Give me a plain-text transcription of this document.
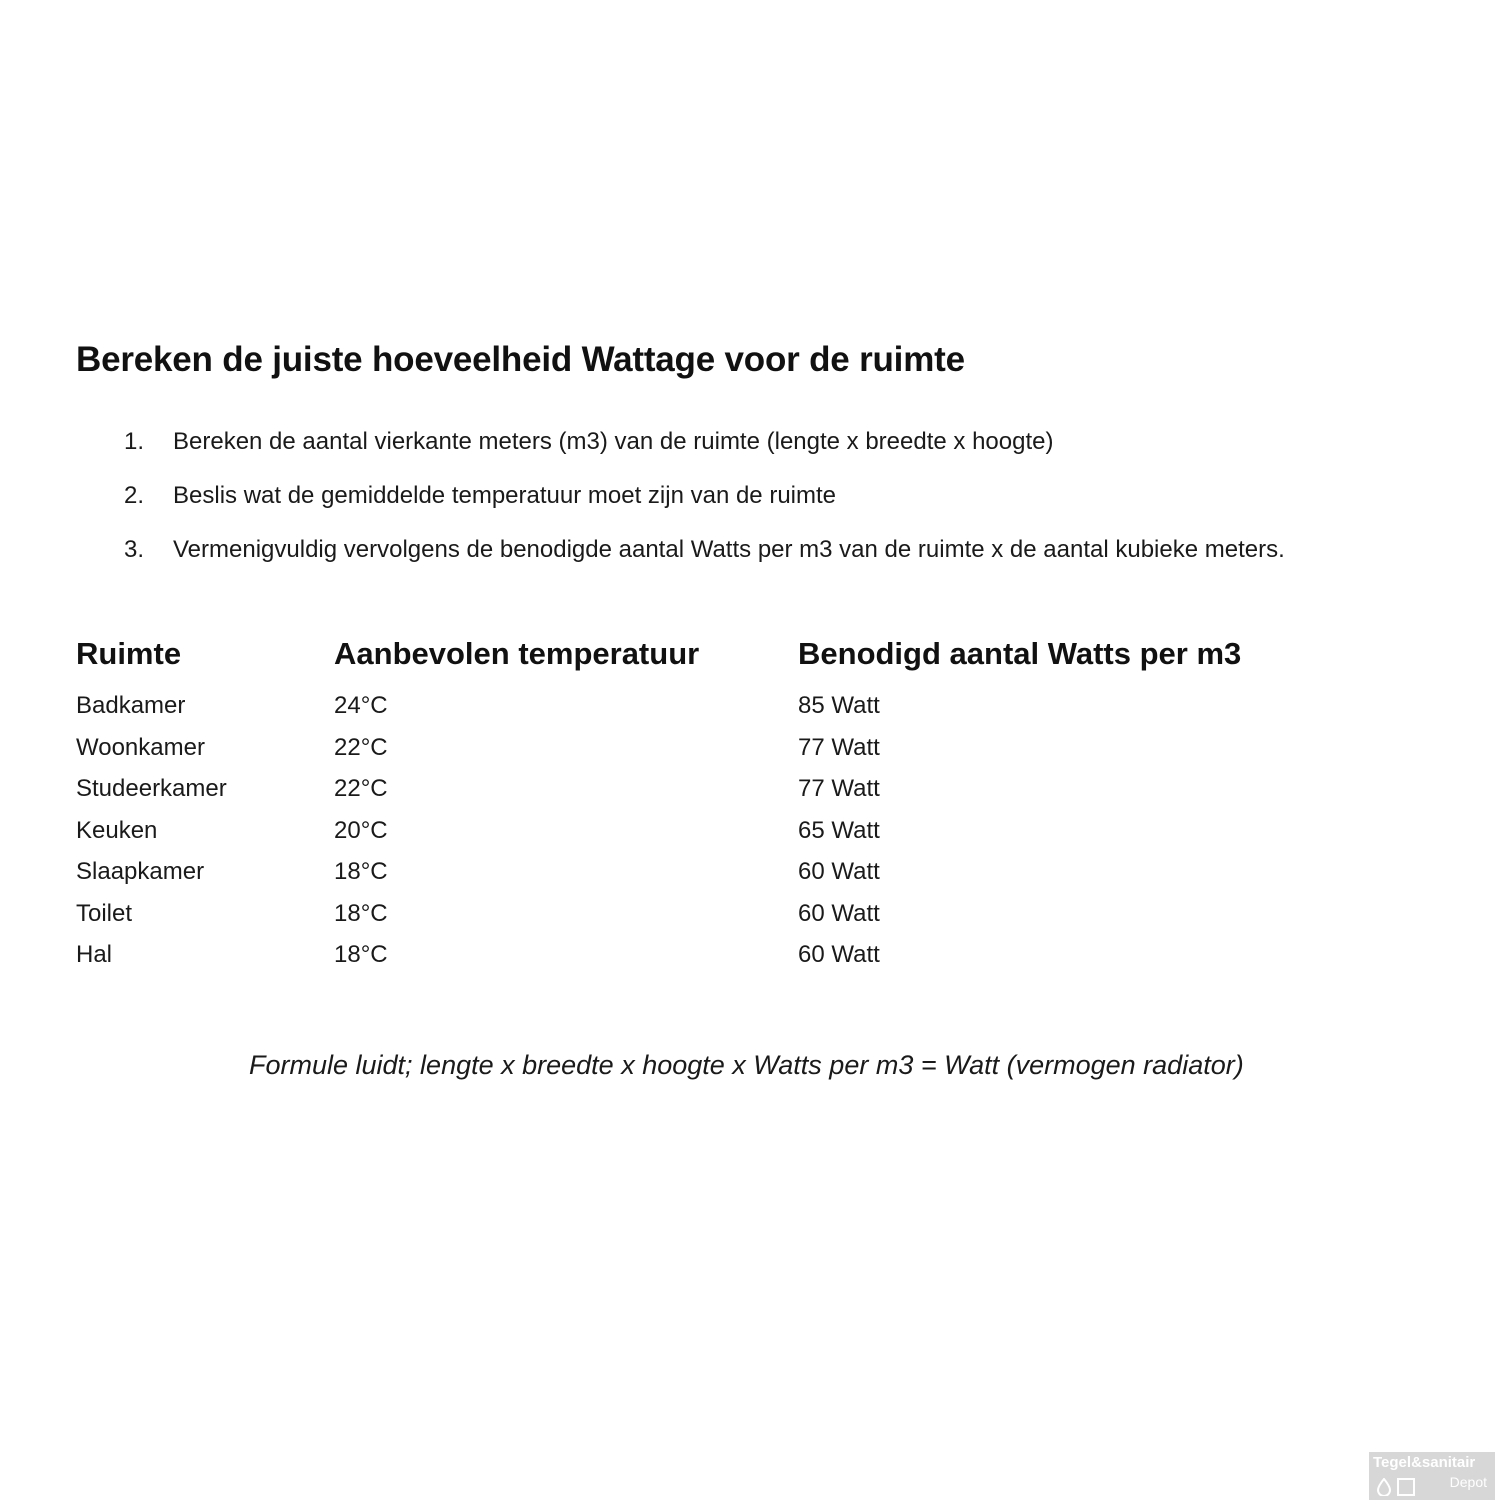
Bereken de juiste hoeveelheid Wattage voor de ruimte
1.	Bereken de aantal vierkante meters (m3) van de ruimte (lengte x breedte x hoogte)
2.	Beslis wat de gemiddelde temperatuur moet zijn van de ruimte
3.	Vermenigvuldig vervolgens de benodigde aantal Watts per m3 van de ruimte x de aantal kubieke meters.
Ruimte	Aanbevolen temperatuur	Benodigd aantal Watts per m3
Badkamer	24°C	85 Watt
Woonkamer	22°C	77 Watt
Studeerkamer	22°C	77 Watt
Keuken	20°C	65 Watt
Slaapkamer	18°C	60 Watt
Toilet	18°C	60 Watt
Hal	18°C	60 Watt
Formule luidt; lengte x breedte x hoogte x Watts per m3 = Watt (vermogen radiator)
Tegel&sanitair
Depot
